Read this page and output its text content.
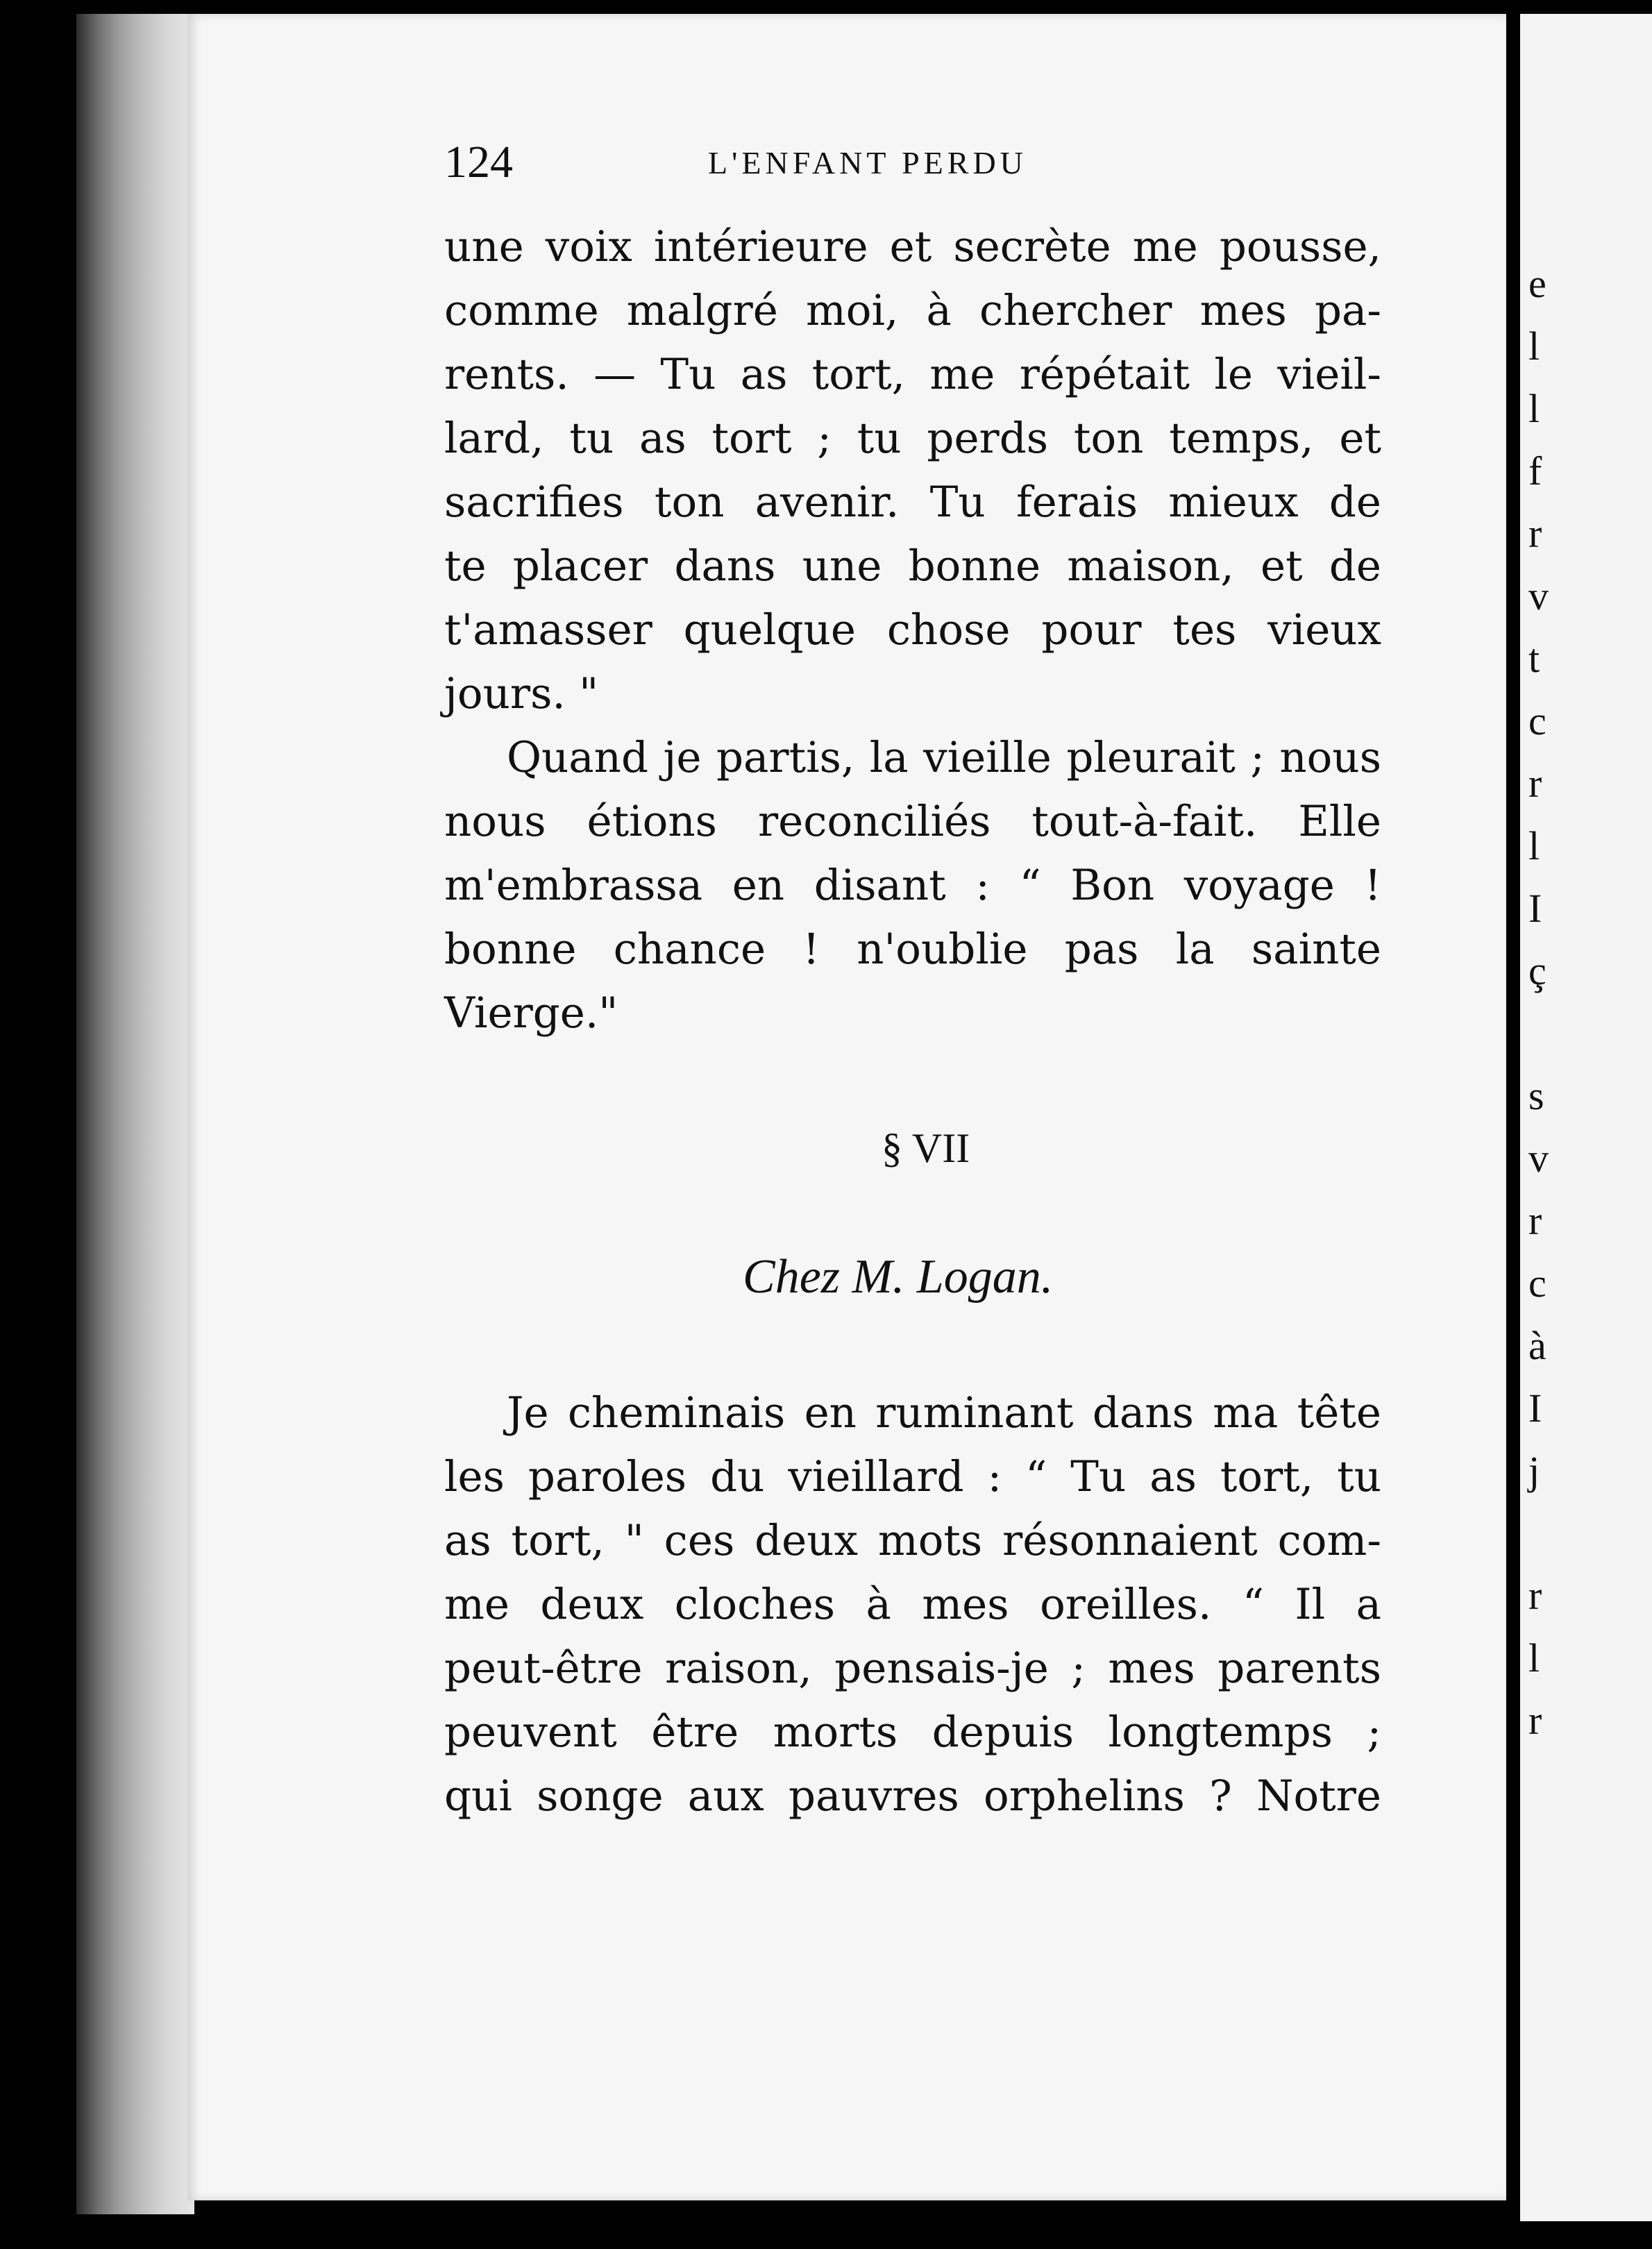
124	L'ENFANT PERDU
une voix intérieure et secrète me pousse,
comme malgré moi, à chercher mes pa-
rents. — Tu as tort, me répétait le vieil-
lard, tu as tort ; tu perds ton temps, et
sacrifies ton avenir. Tu ferais mieux de
te placer dans une bonne maison, et de
t'amasser quelque chose pour tes vieux
jours. "
Quand je partis, la vieille pleurait ; nous
nous étions reconciliés tout-à-fait. Elle
m'embrassa en disant : “ Bon voyage !
bonne chance ! n'oublie pas la sainte
Vierge."
§ VII
Chez M. Logan.
Je cheminais en ruminant dans ma tête
les paroles du vieillard : “ Tu as tort, tu
as tort, " ces deux mots résonnaient com-
me deux cloches à mes oreilles. “ Il a
peut-être raison, pensais-je ; mes parents
peuvent être morts depuis longtemps ;
qui songe aux pauvres orphelins ? Notre
e
l
l
f
r
v
t
c
r
l
I
ç
s
v
r
c
à
I
j
r
l
r
